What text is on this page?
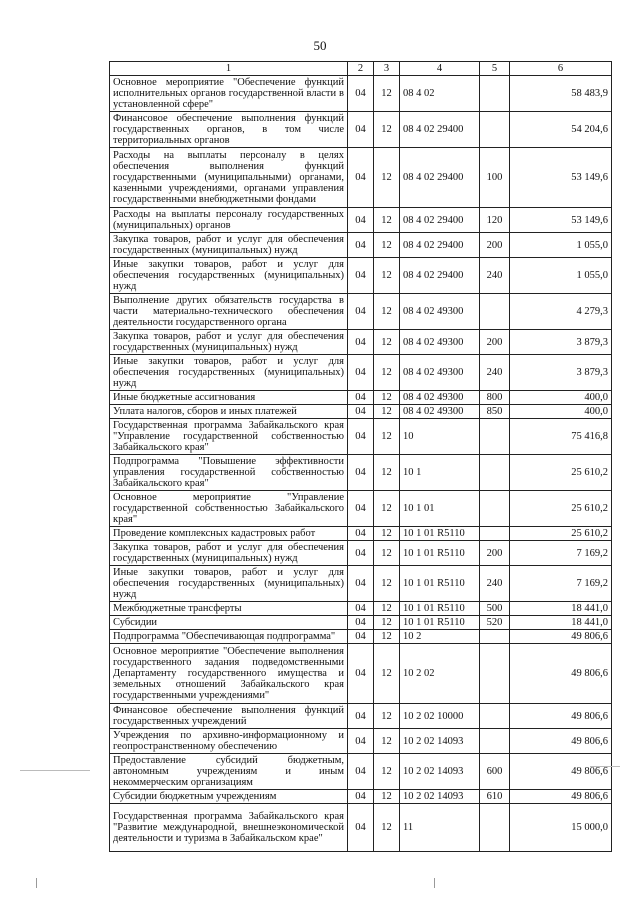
50
1	2	3	4	5	6
Основное мероприятие "Обеспечение функций исполнительных органов государственной власти в установленной сфере"	04	12	08 4 02		58 483,9
Финансовое обеспечение выполнения функций государственных органов, в том числе территориальных органов	04	12	08 4 02 29400		54 204,6
Расходы на выплаты персоналу в целях обеспечения выполнения функций государственными (муниципальными) органами, казенными учреждениями, органами управления государственными внебюджетными фондами	04	12	08 4 02 29400	100	53 149,6
Расходы на выплаты персоналу государственных (муниципальных) органов	04	12	08 4 02 29400	120	53 149,6
Закупка товаров, работ и услуг для обеспечения государственных (муниципальных) нужд	04	12	08 4 02 29400	200	1 055,0
Иные закупки товаров, работ и услуг для обеспечения государственных (муниципальных) нужд	04	12	08 4 02 29400	240	1 055,0
Выполнение других обязательств государства в части материально-технического обеспечения деятельности государственного органа	04	12	08 4 02 49300		4 279,3
Закупка товаров, работ и услуг для обеспечения государственных (муниципальных) нужд	04	12	08 4 02 49300	200	3 879,3
Иные закупки товаров, работ и услуг для обеспечения государственных (муниципальных) нужд	04	12	08 4 02 49300	240	3 879,3
Иные бюджетные ассигнования	04	12	08 4 02 49300	800	400,0
Уплата налогов, сборов и иных платежей	04	12	08 4 02 49300	850	400,0
Государственная программа Забайкальского края "Управление государственной собственностью Забайкальского края"	04	12	10		75 416,8
Подпрограмма "Повышение эффективности управления государственной собственностью Забайкальского края"	04	12	10 1		25 610,2
Основное мероприятие "Управление государственной собственностью Забайкальского края"	04	12	10 1 01		25 610,2
Проведение комплексных кадастровых работ	04	12	10 1 01 R5110		25 610,2
Закупка товаров, работ и услуг для обеспечения государственных (муниципальных) нужд	04	12	10 1 01 R5110	200	7 169,2
Иные закупки товаров, работ и услуг для обеспечения государственных (муниципальных) нужд	04	12	10 1 01 R5110	240	7 169,2
Межбюджетные трансферты	04	12	10 1 01 R5110	500	18 441,0
Субсидии	04	12	10 1 01 R5110	520	18 441,0
Подпрограмма "Обеспечивающая подпрограмма"	04	12	10 2		49 806,6
Основное мероприятие "Обеспечение выполнения государственного задания подведомственными Департаменту государственного имущества и земельных отношений Забайкальского края государственными учреждениями"	04	12	10 2 02		49 806,6
Финансовое обеспечение выполнения функций государственных учреждений	04	12	10 2 02 10000		49 806,6
Учреждения по архивно-информационному и геопространственному обеспечению	04	12	10 2 02 14093		49 806,6
Предоставление субсидий бюджетным, автономным учреждениям и иным некоммерческим организациям	04	12	10 2 02 14093	600	49 806,6
Субсидии бюджетным учреждениям	04	12	10 2 02 14093	610	49 806,6
Государственная программа Забайкальского края "Развитие международной, внешнеэкономической деятельности и туризма в Забайкальском крае"	04	12	11		15 000,0
